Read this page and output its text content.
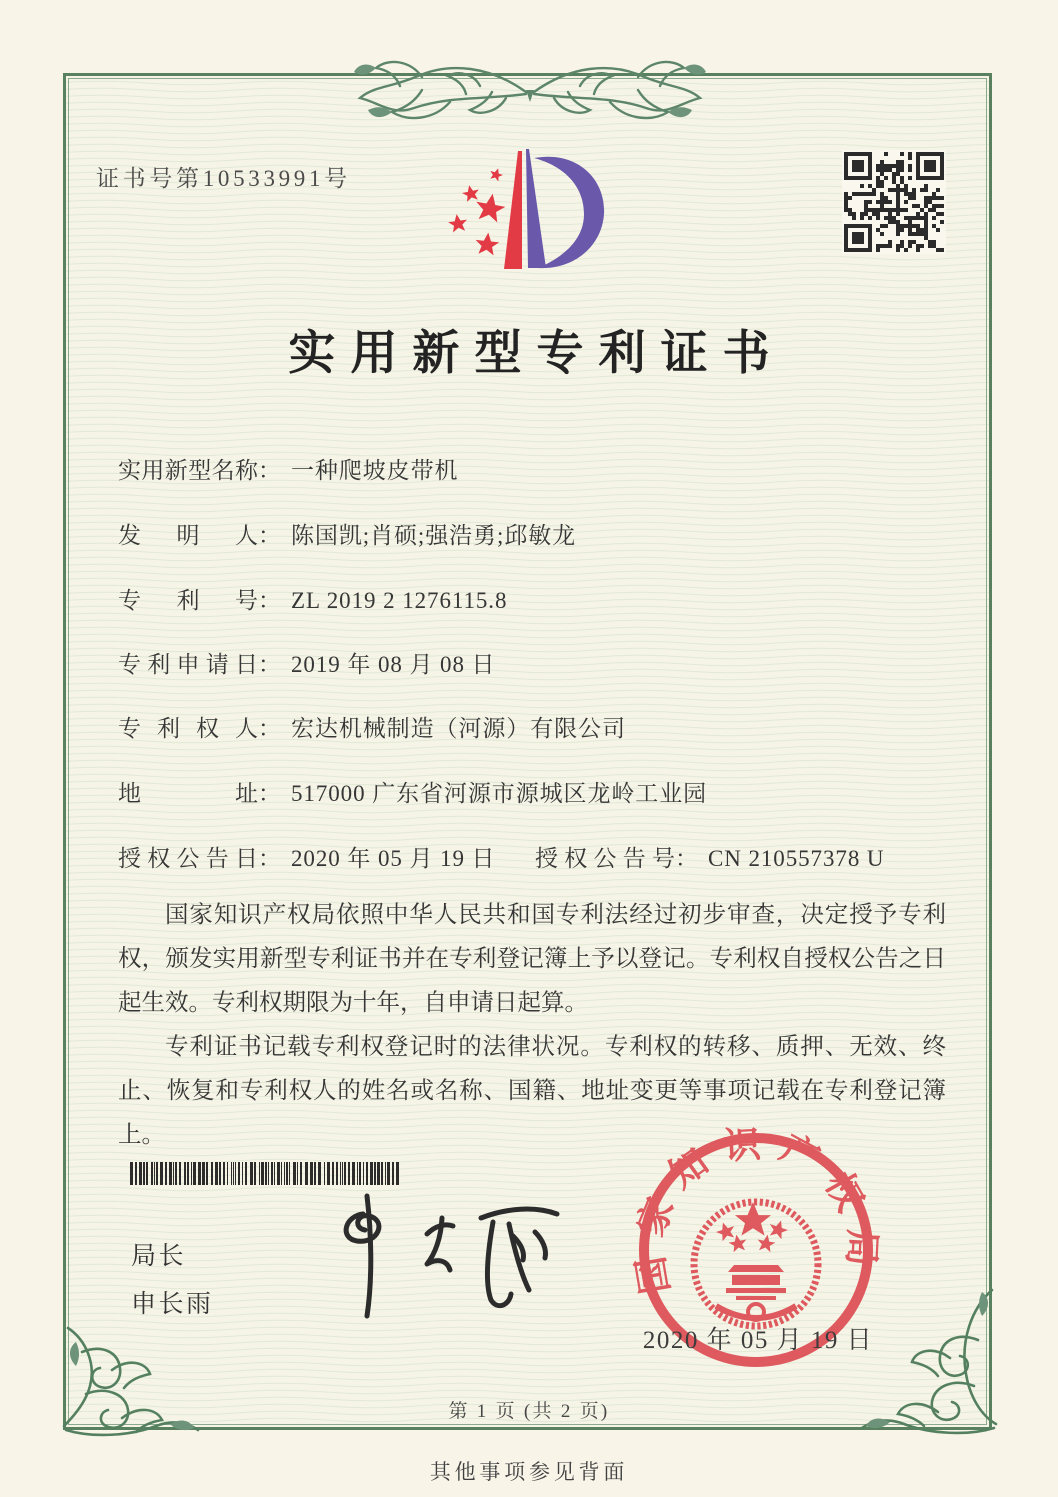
证书号第10533991号
实用新型专利证书
实用新型名称： 一种爬坡皮带机
发明人： 陈国凯;肖硕;强浩勇;邱敏龙
专利号： ZL 2019 2 1276115.8
专利申请日： 2019 年 08 月 08 日
专利权人： 宏达机械制造（河源）有限公司
地址： 517000 广东省河源市源城区龙岭工业园
授权公告日： 2020 年 05 月 19 日 授权公告号： CN 210557378 U

国家知识产权局依照中华人民共和国专利法经过初步审查，决定授予专利权，颁发实用新型专利证书并在专利登记簿上予以登记。专利权自授权公告之日起生效。专利权期限为十年，自申请日起算。

专利证书记载专利权登记时的法律状况。专利权的转移、质押、无效、终止、恢复和专利权人的姓名或名称、国籍、地址变更等事项记载在专利登记簿上。

局长
申长雨
国家知识产权局
2020 年 05 月 19 日
第 1 页 (共 2 页)
其他事项参见背面
